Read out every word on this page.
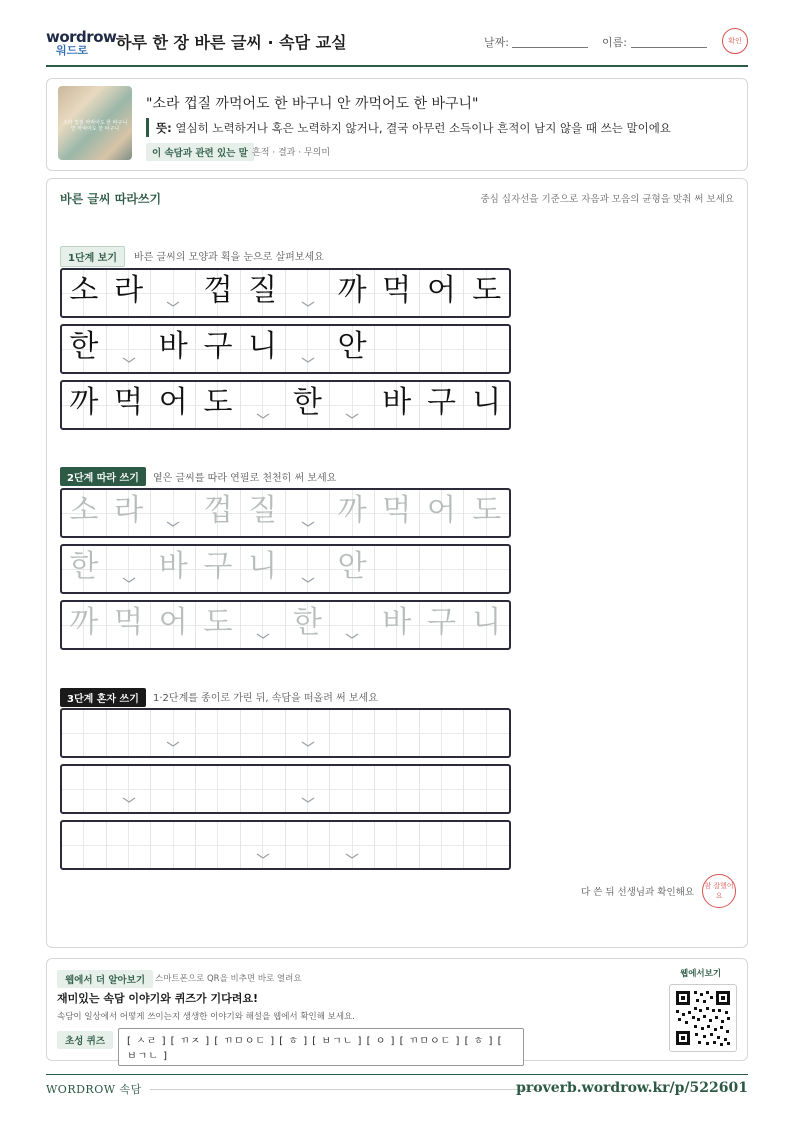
wordrow
워드로 하루 한 장 바른 글씨 · 속담 교실	날짜:	이름:	확인
소라 껍질 까먹어도 한 바구니 안 까먹어도 한 바구니
"소라 껍질 까먹어도 한 바구니 안 까먹어도 한 바구니"
뜻: 열심히 노력하거나 혹은 노력하지 않거나, 결국 아무런 소득이나 흔적이 남지 않을 때 쓰는 말이에요
이 속담과 관련 있는 말 흔적 · 결과 · 무의미
바른 글씨 따라쓰기	중심 십자선을 기준으로 자음과 모음의 균형을 맞춰 써 보세요
1단계 보기	바른 글씨의 모양과 획을 눈으로 살펴보세요
2단계 따라 쓰기	옅은 글씨를 따라 연필로 천천히 써 보세요
3단계 혼자 쓰기	1·2단계를 종이로 가린 뒤, 속담을 떠올려 써 보세요
소 라 껍 질 까 먹 어 도
한 바 구 니 안
까 먹 어 도 한 바 구 니
소 라 껍 질 까 먹 어 도
한 바 구 니 안
까 먹 어 도 한 바 구 니
다 쓴 뒤 선생님과 확인해요
참 잘했어요
웹에서 더 알아보기	스마트폰으로 QR을 비추면 바로 열려요
재미있는 속담 이야기와 퀴즈가 기다려요!
속담이 일상에서 어떻게 쓰이는지 생생한 이야기와 해설을 웹에서 확인해 보세요.
초성 퀴즈	[ ㅅㄹ ] [ ㄲㅈ ] [ ㄲㅁㅇㄷ ] [ ㅎ ] [ ㅂㄱㄴ ] [ ㅇ ] [ ㄲㅁㅇㄷ ] [ ㅎ ] [ ㅂㄱㄴ ]
웹에서보기
WORDROW 속담	proverb.wordrow.kr/p/522601
